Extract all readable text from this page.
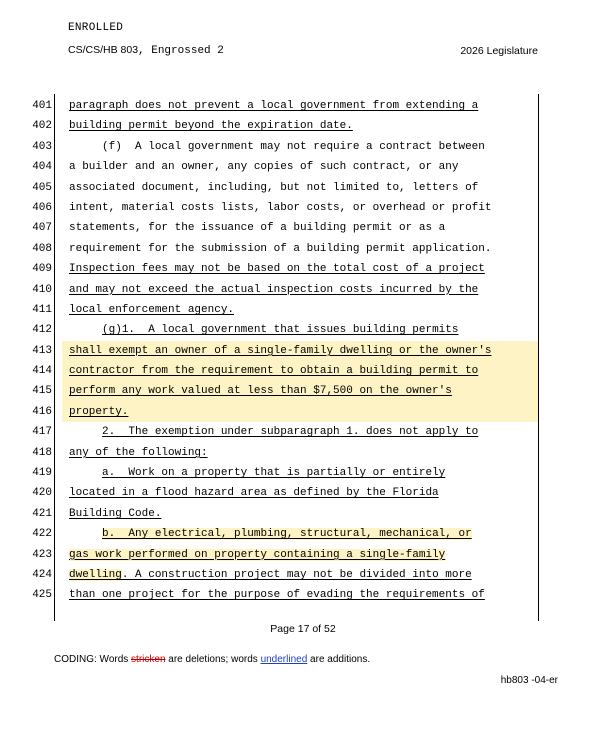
ENROLLED
CS/CS/HB 803, Engrossed 2	2026 Legislature
401 paragraph does not prevent a local government from extending a
402 building permit beyond the expiration date.
403 (f)  A local government may not require a contract between
404 a builder and an owner, any copies of such contract, or any
405 associated document, including, but not limited to, letters of
406 intent, material costs lists, labor costs, or overhead or profit
407 statements, for the issuance of a building permit or as a
408 requirement for the submission of a building permit application.
409 Inspection fees may not be based on the total cost of a project
410 and may not exceed the actual inspection costs incurred by the
411 local enforcement agency.
412	(g)1.  A local government that issues building permits
413 shall exempt an owner of a single-family dwelling or the owner's
414 contractor from the requirement to obtain a building permit to
415 perform any work valued at less than $7,500 on the owner's
416 property.
417	2.  The exemption under subparagraph 1. does not apply to
418 any of the following:
419	a.  Work on a property that is partially or entirely
420 located in a flood hazard area as defined by the Florida
421 Building Code.
422	b.  Any electrical, plumbing, structural, mechanical, or
423 gas work performed on property containing a single-family
424 dwelling. A construction project may not be divided into more
425 than one project for the purpose of evading the requirements of
Page 17 of 52
CODING: Words stricken are deletions; words underlined are additions.
hb803 -04-er
